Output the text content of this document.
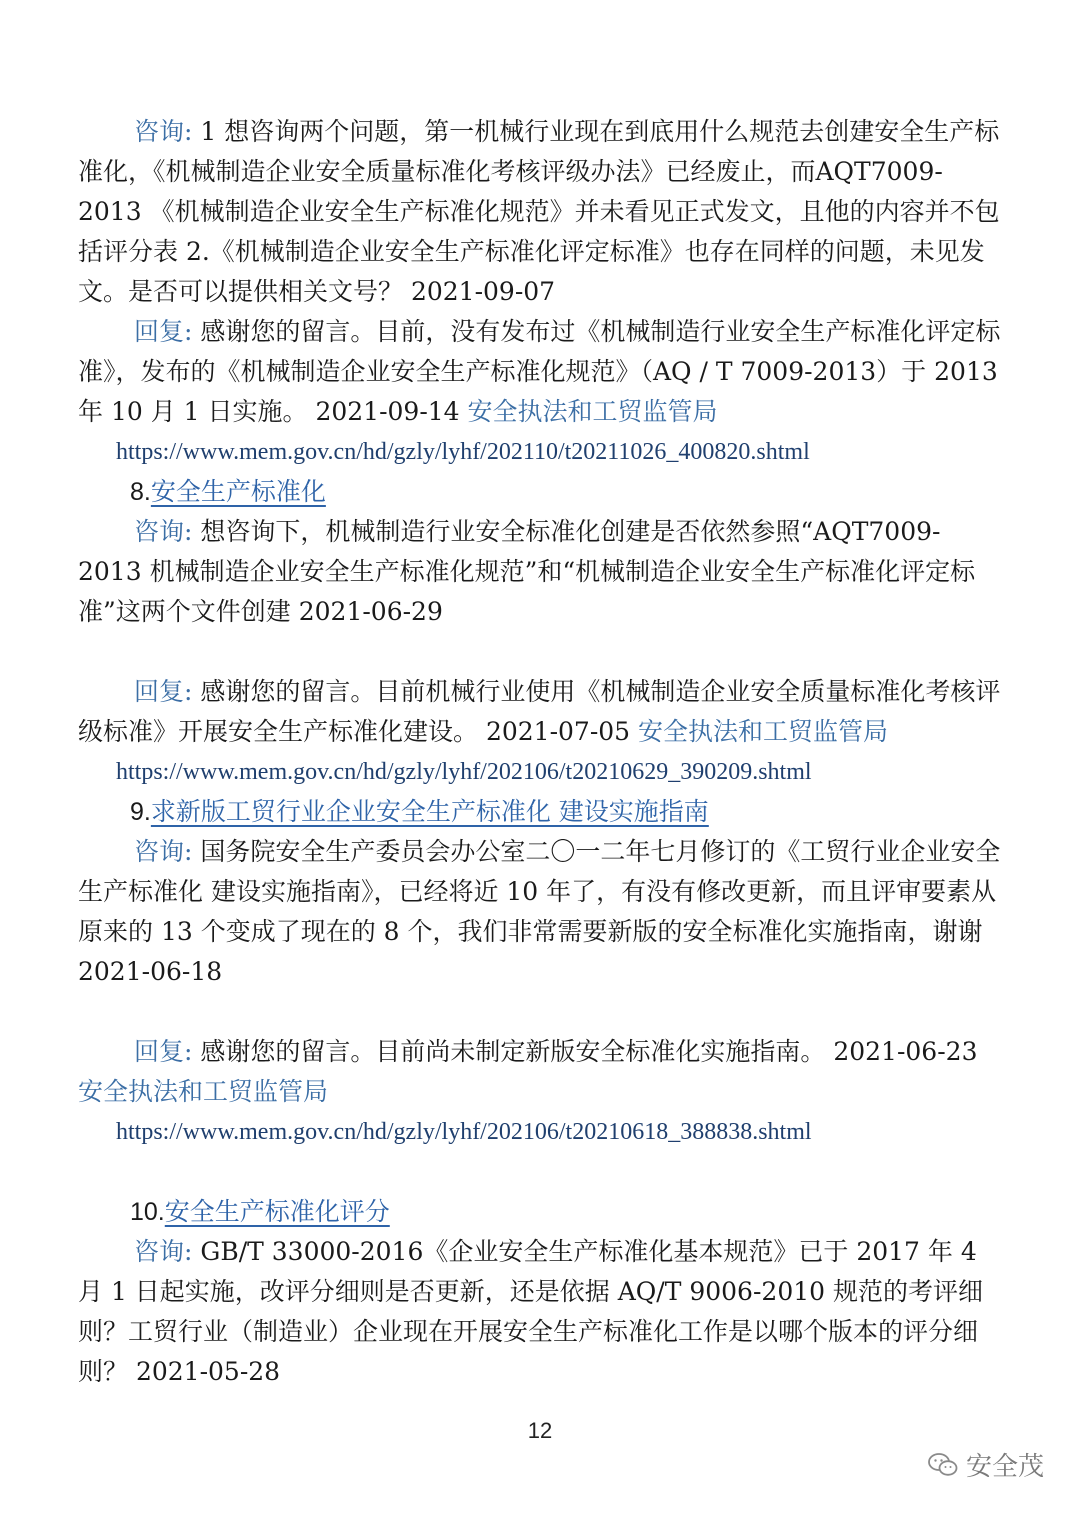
咨询: 1 想咨询两个问题，第一机械行业现在到底用什么规范去创建安全生产标准化，《机械制造企业安全质量标准化考核评级办法》已经废止，而AQT7009-2013 《机械制造企业安全生产标准化规范》并未看见正式发文，且他的内容并不包括评分表 2.《机械制造企业安全生产标准化评定标准》也存在同样的问题，未见发文。是否可以提供相关文号？ 2021-09-07

回复: 感谢您的留言。目前，没有发布过《机械制造行业安全生产标准化评定标准》，发布的《机械制造企业安全生产标准化规范》（AQ / T 7009-2013）于 2013 年 10 月 1 日实施。 2021-09-14 安全执法和工贸监管局

https://www.mem.gov.cn/hd/gzly/lyhf/202110/t20211026_400820.shtml

8.安全生产标准化

咨询: 想咨询下，机械制造行业安全标准化创建是否依然参照“AQT7009-2013 机械制造企业安全生产标准化规范”和“机械制造企业安全生产标准化评定标准”这两个文件创建 2021-06-29

回复: 感谢您的留言。目前机械行业使用《机械制造企业安全质量标准化考核评级标准》开展安全生产标准化建设。 2021-07-05 安全执法和工贸监管局

https://www.mem.gov.cn/hd/gzly/lyhf/202106/t20210629_390209.shtml

9.求新版工贸行业企业安全生产标准化 建设实施指南

咨询: 国务院安全生产委员会办公室二〇一二年七月修订的《工贸行业企业安全生产标准化 建设实施指南》，已经将近 10 年了，有没有修改更新，而且评审要素从原来的 13 个变成了现在的 8 个，我们非常需要新版的安全标准化实施指南，谢谢 2021-06-18

回复: 感谢您的留言。目前尚未制定新版安全标准化实施指南。 2021-06-23 安全执法和工贸监管局

https://www.mem.gov.cn/hd/gzly/lyhf/202106/t20210618_388838.shtml

10.安全生产标准化评分

咨询: GB/T 33000-2016《企业安全生产标准化基本规范》已于 2017 年 4 月 1 日起实施，改评分细则是否更新，还是依据 AQ/T 9006-2010 规范的考评细则？工贸行业（制造业）企业现在开展安全生产标准化工作是以哪个版本的评分细则？ 2021-05-28

12
安全茂
